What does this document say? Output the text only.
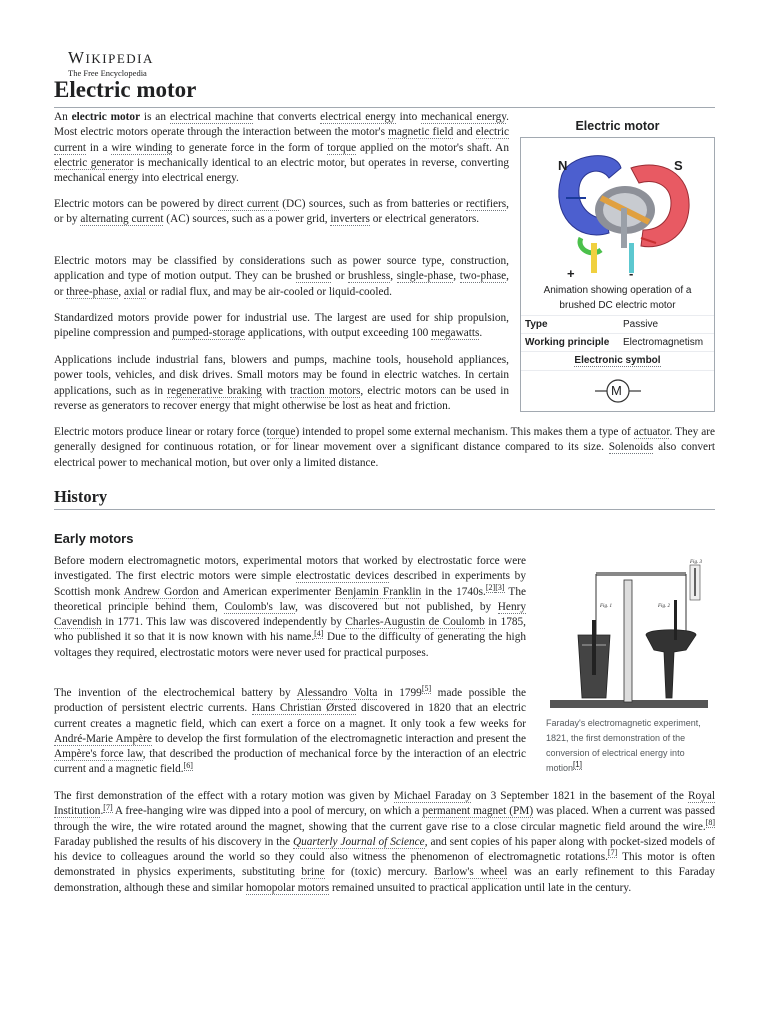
WIKIPEDIA
The Free Encyclopedia
Electric motor
An electric motor is an electrical machine that converts electrical energy into mechanical energy. Most electric motors operate through the interaction between the motor's magnetic field and electric current in a wire winding to generate force in the form of torque applied on the motor's shaft. An electric generator is mechanically identical to an electric motor, but operates in reverse, converting mechanical energy into electrical energy.
Electric motors can be powered by direct current (DC) sources, such as from batteries or rectifiers, or by alternating current (AC) sources, such as a power grid, inverters or electrical generators.
Electric motors may be classified by considerations such as power source type, construction, application and type of motion output. They can be brushed or brushless, single-phase, two-phase, or three-phase, axial or radial flux, and may be air-cooled or liquid-cooled.
Standardized motors provide power for industrial use. The largest are used for ship propulsion, pipeline compression and pumped-storage applications, with output exceeding 100 megawatts.
Applications include industrial fans, blowers and pumps, machine tools, household appliances, power tools, vehicles, and disk drives. Small motors may be found in electric watches. In certain applications, such as in regenerative braking with traction motors, electric motors can be used in reverse as generators to recover energy that might otherwise be lost as heat and friction.
Electric motors produce linear or rotary force (torque) intended to propel some external mechanism. This makes them a type of actuator. They are generally designed for continuous rotation, or for linear movement over a significant distance compared to its size. Solenoids also convert electrical power to mechanical motion, but over only a limited distance.
Electric motor
N	S
+	-
Animation showing operation of a brushed DC electric motor
Type	Passive
Working principle	Electromagnetism
Electronic symbol
M
History
Early motors
Before modern electromagnetic motors, experimental motors that worked by electrostatic force were investigated. The first electric motors were simple electrostatic devices described in experiments by Scottish monk Andrew Gordon and American experimenter Benjamin Franklin in the 1740s.[2][3] The theoretical principle behind them, Coulomb's law, was discovered but not published, by Henry Cavendish in 1771. This law was discovered independently by Charles-Augustin de Coulomb in 1785, who published it so that it is now known with his name.[4] Due to the difficulty of generating the high voltages they required, electrostatic motors were never used for practical purposes.
The invention of the electrochemical battery by Alessandro Volta in 1799[5] made possible the production of persistent electric currents. Hans Christian Ørsted discovered in 1820 that an electric current creates a magnetic field, which can exert a force on a magnet. It only took a few weeks for André-Marie Ampère to develop the first formulation of the electromagnetic interaction and present the Ampère's force law, that described the production of mechanical force by the interaction of an electric current and a magnetic field.[6]
The first demonstration of the effect with a rotary motion was given by Michael Faraday on 3 September 1821 in the basement of the Royal Institution.[7] A free-hanging wire was dipped into a pool of mercury, on which a permanent magnet (PM) was placed. When a current was passed through the wire, the wire rotated around the magnet, showing that the current gave rise to a close circular magnetic field around the wire.[8] Faraday published the results of his discovery in the Quarterly Journal of Science, and sent copies of his paper along with pocket-sized models of his device to colleagues around the world so they could also witness the phenomenon of electromagnetic rotations.[7] This motor is often demonstrated in physics experiments, substituting brine for (toxic) mercury. Barlow's wheel was an early refinement to this Faraday demonstration, although these and similar homopolar motors remained unsuited to practical application until late in the century.
Fig. 1	Fig. 2
Fig. 3
Faraday's electromagnetic experiment, 1821, the first demonstration of the conversion of electrical energy into motion[1]
